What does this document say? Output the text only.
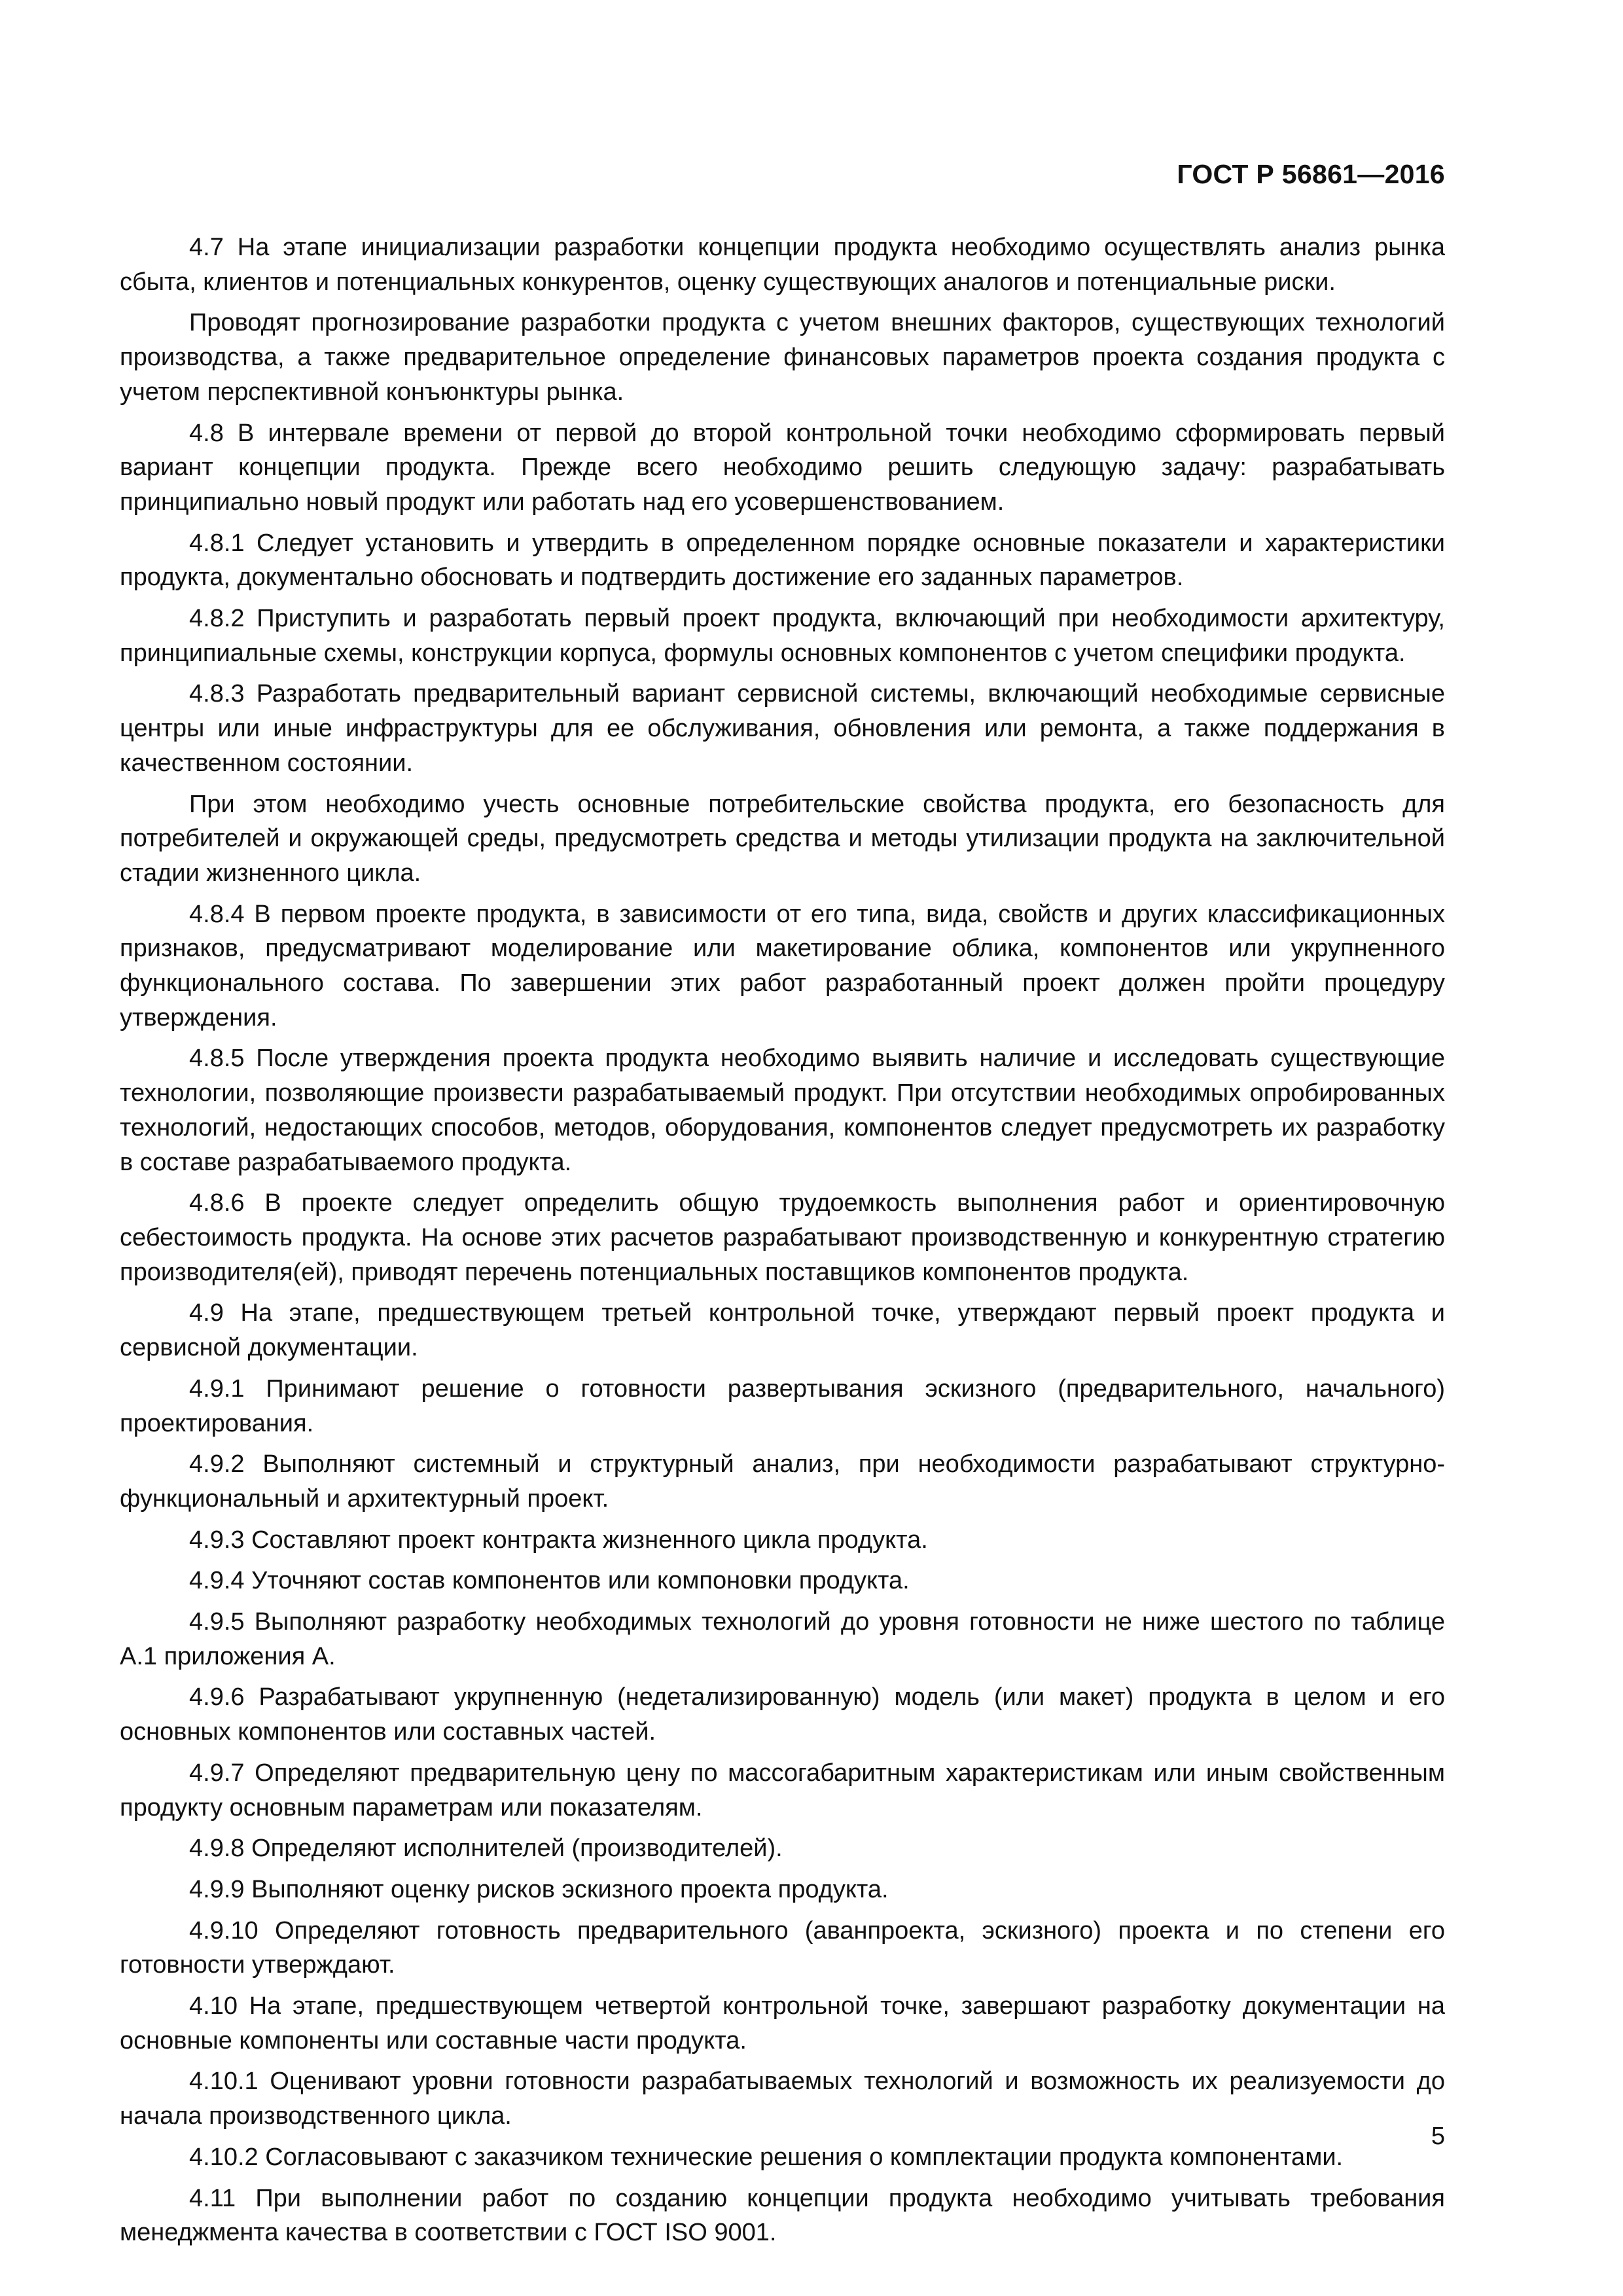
ГОСТ Р 56861—2016

4.7 На этапе инициализации разработки концепции продукта необходимо осуществлять анализ рынка сбыта, клиентов и потенциальных конкурентов, оценку существующих аналогов и потенциальные риски.

Проводят прогнозирование разработки продукта с учетом внешних факторов, существующих технологий производства, а также предварительное определение финансовых параметров проекта создания продукта с учетом перспективной конъюнктуры рынка.

4.8 В интервале времени от первой до второй контрольной точки необходимо сформировать первый вариант концепции продукта. Прежде всего необходимо решить следующую задачу: разрабатывать принципиально новый продукт или работать над его усовершенствованием.

4.8.1 Следует установить и утвердить в определенном порядке основные показатели и характеристики продукта, документально обосновать и подтвердить достижение его заданных параметров.

4.8.2 Приступить и разработать первый проект продукта, включающий при необходимости архитектуру, принципиальные схемы, конструкции корпуса, формулы основных компонентов с учетом специфики продукта.

4.8.3 Разработать предварительный вариант сервисной системы, включающий необходимые сервисные центры или иные инфраструктуры для ее обслуживания, обновления или ремонта, а также поддержания в качественном состоянии.

При этом необходимо учесть основные потребительские свойства продукта, его безопасность для потребителей и окружающей среды, предусмотреть средства и методы утилизации продукта на заключительной стадии жизненного цикла.

4.8.4 В первом проекте продукта, в зависимости от его типа, вида, свойств и других классификационных признаков, предусматривают моделирование или макетирование облика, компонентов или укрупненного функционального состава. По завершении этих работ разработанный проект должен пройти процедуру утверждения.

4.8.5 После утверждения проекта продукта необходимо выявить наличие и исследовать существующие технологии, позволяющие произвести разрабатываемый продукт. При отсутствии необходимых опробированных технологий, недостающих способов, методов, оборудования, компонентов следует предусмотреть их разработку в составе разрабатываемого продукта.

4.8.6 В проекте следует определить общую трудоемкость выполнения работ и ориентировочную себестоимость продукта. На основе этих расчетов разрабатывают производственную и конкурентную стратегию производителя(ей), приводят перечень потенциальных поставщиков компонентов продукта.

4.9 На этапе, предшествующем третьей контрольной точке, утверждают первый проект продукта и сервисной документации.

4.9.1 Принимают решение о готовности развертывания эскизного (предварительного, начального) проектирования.

4.9.2 Выполняют системный и структурный анализ, при необходимости разрабатывают структурно-функциональный и архитектурный проект.

4.9.3 Составляют проект контракта жизненного цикла продукта.

4.9.4 Уточняют состав компонентов или компоновки продукта.

4.9.5 Выполняют разработку необходимых технологий до уровня готовности не ниже шестого по таблице А.1 приложения А.

4.9.6 Разрабатывают укрупненную (недетализированную) модель (или макет) продукта в целом и его основных компонентов или составных частей.

4.9.7 Определяют предварительную цену по массогабаритным характеристикам или иным свойственным продукту основным параметрам или показателям.

4.9.8 Определяют исполнителей (производителей).

4.9.9 Выполняют оценку рисков эскизного проекта продукта.

4.9.10 Определяют готовность предварительного (аванпроекта, эскизного) проекта и по степени его готовности утверждают.

4.10 На этапе, предшествующем четвертой контрольной точке, завершают разработку документации на основные компоненты или составные части продукта.

4.10.1 Оценивают уровни готовности разрабатываемых технологий и возможность их реализуемости до начала производственного цикла.

4.10.2 Согласовывают с заказчиком технические решения о комплектации продукта компонентами.

4.11 При выполнении работ по созданию концепции продукта необходимо учитывать требования менеджмента качества в соответствии с ГОСТ ISO 9001.

5
